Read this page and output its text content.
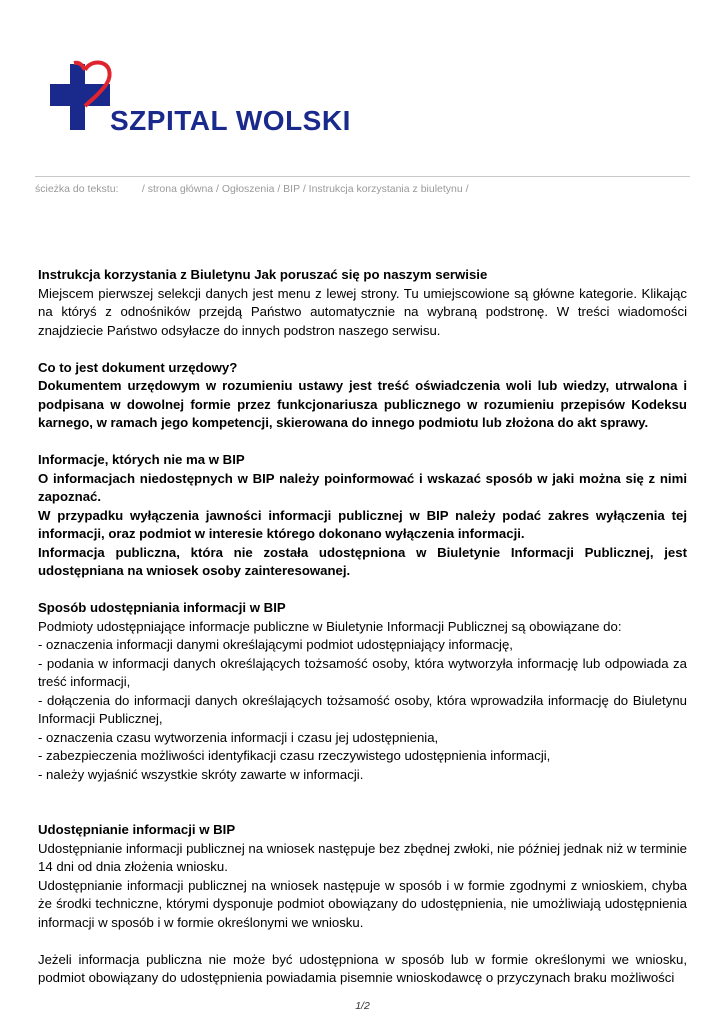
SZPITAL WOLSKI
ścieżka do tekstu: / strona główna / Ogłoszenia / BIP / Instrukcja korzystania z biuletynu /

Instrukcja korzystania z Biuletynu Jak poruszać się po naszym serwisie

Miejscem pierwszej selekcji danych jest menu z lewej strony. Tu umiejscowione są główne kategorie. Klikając na któryś z odnośników przejdą Państwo automatycznie na wybraną podstronę. W treści wiadomości znajdziecie Państwo odsyłacze do innych podstron naszego serwisu.

Co to jest dokument urzędowy?

Dokumentem urzędowym w rozumieniu ustawy jest treść oświadczenia woli lub wiedzy, utrwalona i podpisana w dowolnej formie przez funkcjonariusza publicznego w rozumieniu przepisów Kodeksu karnego, w ramach jego kompetencji, skierowana do innego podmiotu lub złożona do akt sprawy.

Informacje, których nie ma w BIP

O informacjach niedostępnych w BIP należy poinformować i wskazać sposób w jaki można się z nimi zapoznać.

W przypadku wyłączenia jawności informacji publicznej w BIP należy podać zakres wyłączenia tej informacji, oraz podmiot w interesie którego dokonano wyłączenia informacji.

Informacja publiczna, która nie została udostępniona w Biuletynie Informacji Publicznej, jest udostępniana na wniosek osoby zainteresowanej.

Sposób udostępniania informacji w BIP

Podmioty udostępniające informacje publiczne w Biuletynie Informacji Publicznej są obowiązane do:

- oznaczenia informacji danymi określającymi podmiot udostępniający informację,

- podania w informacji danych określających tożsamość osoby, która wytworzyła informację lub odpowiada za treść informacji,

- dołączenia do informacji danych określających tożsamość osoby, która wprowadziła informację do Biuletynu Informacji Publicznej,

- oznaczenia czasu wytworzenia informacji i czasu jej udostępnienia,

- zabezpieczenia możliwości identyfikacji czasu rzeczywistego udostępnienia informacji,

- należy wyjaśnić wszystkie skróty zawarte w informacji.

Udostępnianie informacji w BIP

Udostępnianie informacji publicznej na wniosek następuje bez zbędnej zwłoki, nie później jednak niż w terminie 14 dni od dnia złożenia wniosku.

Udostępnianie informacji publicznej na wniosek następuje w sposób i w formie zgodnymi z wnioskiem, chyba że środki techniczne, którymi dysponuje podmiot obowiązany do udostępnienia, nie umożliwiają udostępnienia informacji w sposób i w formie określonymi we wniosku.

Jeżeli informacja publiczna nie może być udostępniona w sposób lub w formie określonymi we wniosku, podmiot obowiązany do udostępnienia powiadamia pisemnie wnioskodawcę o przyczynach braku możliwości

1/2
